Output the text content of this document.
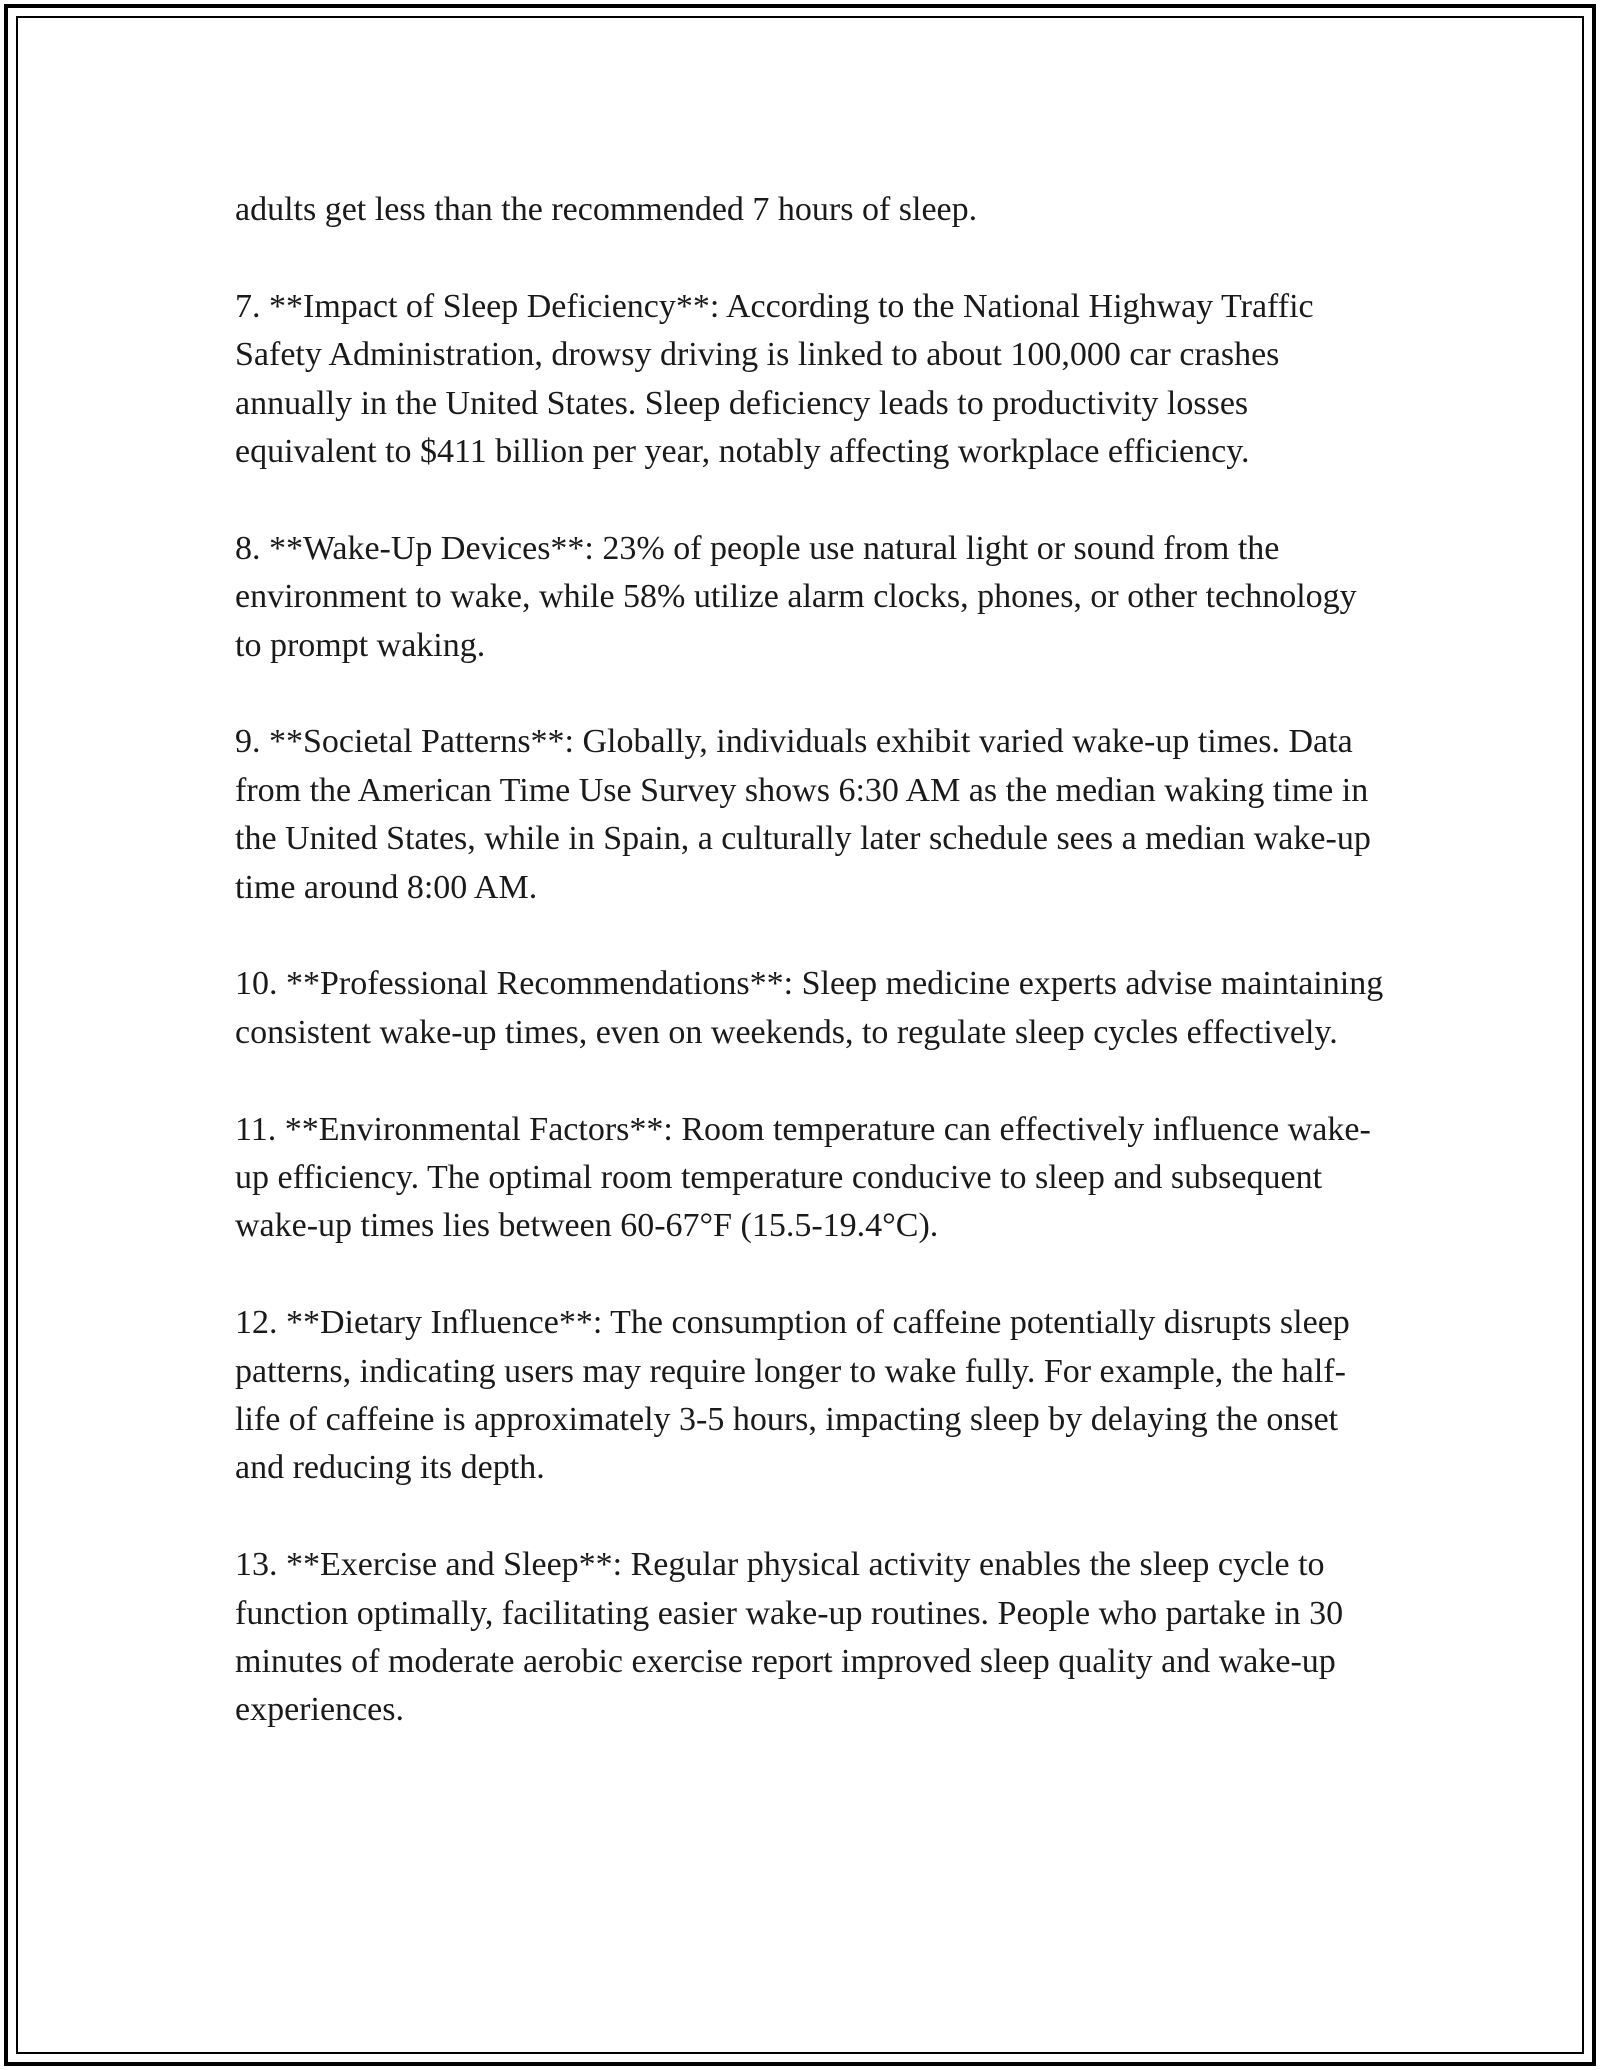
adults get less than the recommended 7 hours of sleep.

7. **Impact of Sleep Deficiency**: According to the National Highway Traffic Safety Administration, drowsy driving is linked to about 100,000 car crashes annually in the United States. Sleep deficiency leads to productivity losses equivalent to $411 billion per year, notably affecting workplace efficiency.

8. **Wake-Up Devices**: 23% of people use natural light or sound from the environment to wake, while 58% utilize alarm clocks, phones, or other technology to prompt waking.

9. **Societal Patterns**: Globally, individuals exhibit varied wake-up times. Data from the American Time Use Survey shows 6:30 AM as the median waking time in the United States, while in Spain, a culturally later schedule sees a median wake-up time around 8:00 AM.

10. **Professional Recommendations**: Sleep medicine experts advise maintaining consistent wake-up times, even on weekends, to regulate sleep cycles effectively.

11. **Environmental Factors**: Room temperature can effectively influence wake-up efficiency. The optimal room temperature conducive to sleep and subsequent wake-up times lies between 60-67°F (15.5-19.4°C).

12. **Dietary Influence**: The consumption of caffeine potentially disrupts sleep patterns, indicating users may require longer to wake fully. For example, the half-life of caffeine is approximately 3-5 hours, impacting sleep by delaying the onset and reducing its depth.

13. **Exercise and Sleep**: Regular physical activity enables the sleep cycle to function optimally, facilitating easier wake-up routines. People who partake in 30 minutes of moderate aerobic exercise report improved sleep quality and wake-up experiences.
